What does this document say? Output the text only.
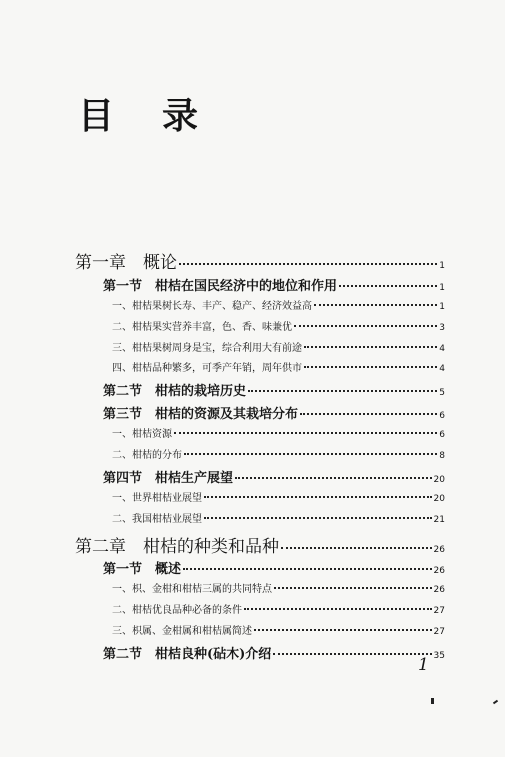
目 录
第一章　概论	1
第一节　柑桔在国民经济中的地位和作用	1
一、柑桔果树长寿、丰产、稳产、经济效益高	1
二、柑桔果实营养丰富，色、香、味兼优	3
三、柑桔果树周身是宝，综合利用大有前途	4
四、柑桔品种繁多，可季产年销，周年供市	4
第二节　柑桔的栽培历史	5
第三节　柑桔的资源及其栽培分布	6
一、柑桔资源	6
二、柑桔的分布	8
第四节　柑桔生产展望	20
一、世界柑桔业展望	20
二、我国柑桔业展望	21
第二章　柑桔的种类和品种	26
第一节　概述	26
一、枳、金柑和柑桔三属的共同特点	26
二、柑桔优良品种必备的条件	27
三、枳属、金柑属和柑桔属简述	27
第二节　柑桔良种(砧木)介绍	35
1
